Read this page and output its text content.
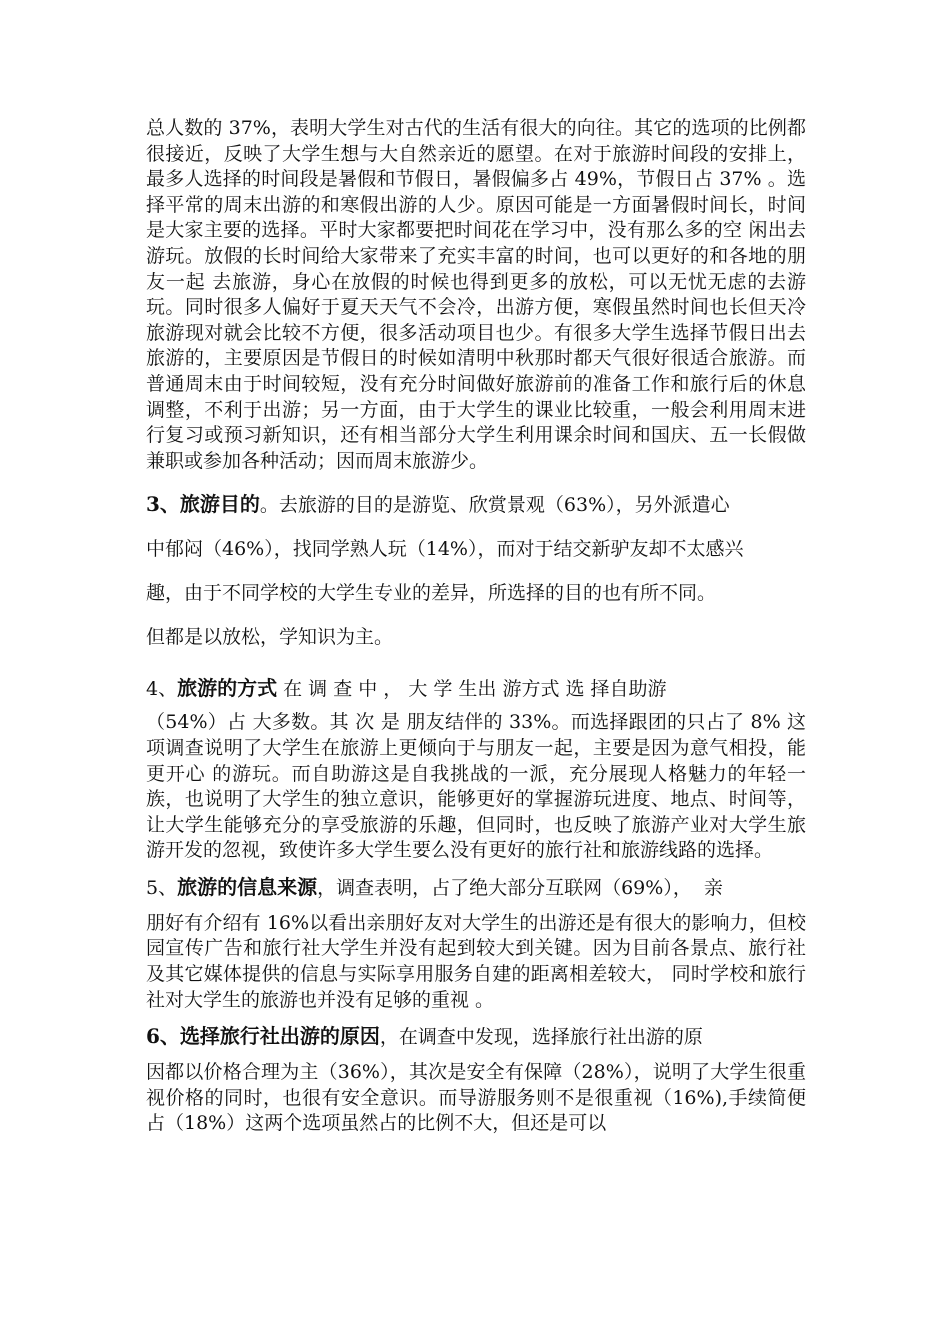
总人数的 37%，表明大学生对古代的生活有很大的向往。其它的选项的比例都很接近，反映了大学生想与大自然亲近的愿望。在对于旅游时间段的安排上，最多人选择的时间段是暑假和节假日，暑假偏多占 49%，节假日占 37% 。选择平常的周末出游的和寒假出游的人少。原因可能是一方面暑假时间长，时间是大家主要的选择。平时大家都要把时间花在学习中，没有那么多的空 闲出去游玩。放假的长时间给大家带来了充实丰富的时间，也可以更好的和各地的朋友一起 去旅游，身心在放假的时候也得到更多的放松，可以无忧无虑的去游玩。同时很多人偏好于夏天天气不会冷，出游方便，寒假虽然时间也长但天冷旅游现对就会比较不方便，很多活动项目也少。有很多大学生选择节假日出去旅游的，主要原因是节假日的时候如清明中秋那时都天气很好很适合旅游。而普通周末由于时间较短，没有充分时间做好旅游前的准备工作和旅行后的休息调整，不利于出游；另一方面，由于大学生的课业比较重，一般会利用周末进行复习或预习新知识，还有相当部分大学生利用课余时间和国庆、五一长假做兼职或参加各种活动；因而周末旅游少。

3、旅游目的。去旅游的目的是游览、欣赏景观（63%），另外派遣心

中郁闷（46%），找同学熟人玩（14%），而对于结交新驴友却不太感兴

趣，由于不同学校的大学生专业的差异，所选择的目的也有所不同。

但都是以放松，学知识为主。

4、旅游的方式 在 调 查 中 ， 大 学 生出 游方式 选 择自助游

（54%）占 大多数。其 次 是 朋友结伴的 33%。而选择跟团的只占了 8% 这项调查说明了大学生在旅游上更倾向于与朋友一起，主要是因为意气相投，能更开心 的游玩。而自助游这是自我挑战的一派，充分展现人格魅力的年轻一族，也说明了大学生的独立意识，能够更好的掌握游玩进度、地点、时间等，让大学生能够充分的享受旅游的乐趣，但同时，也反映了旅游产业对大学生旅游开发的忽视，致使许多大学生要么没有更好的旅行社和旅游线路的选择。

5、旅游的信息来源，调查表明，占了绝大部分互联网（69%），  亲

朋好有介绍有 16%以看出亲朋好友对大学生的出游还是有很大的影响力，但校园宣传广告和旅行社大学生并没有起到较大到关键。因为目前各景点、旅行社及其它媒体提供的信息与实际享用服务自建的距离相差较大， 同时学校和旅行社对大学生的旅游也并没有足够的重视 。

6、选择旅行社出游的原因，在调查中发现，选择旅行社出游的原

因都以价格合理为主（36%），其次是安全有保障（28%），说明了大学生很重视价格的同时，也很有安全意识。而导游服务则不是很重视（16%),手续简便占（18%）这两个选项虽然占的比例不大，但还是可以
